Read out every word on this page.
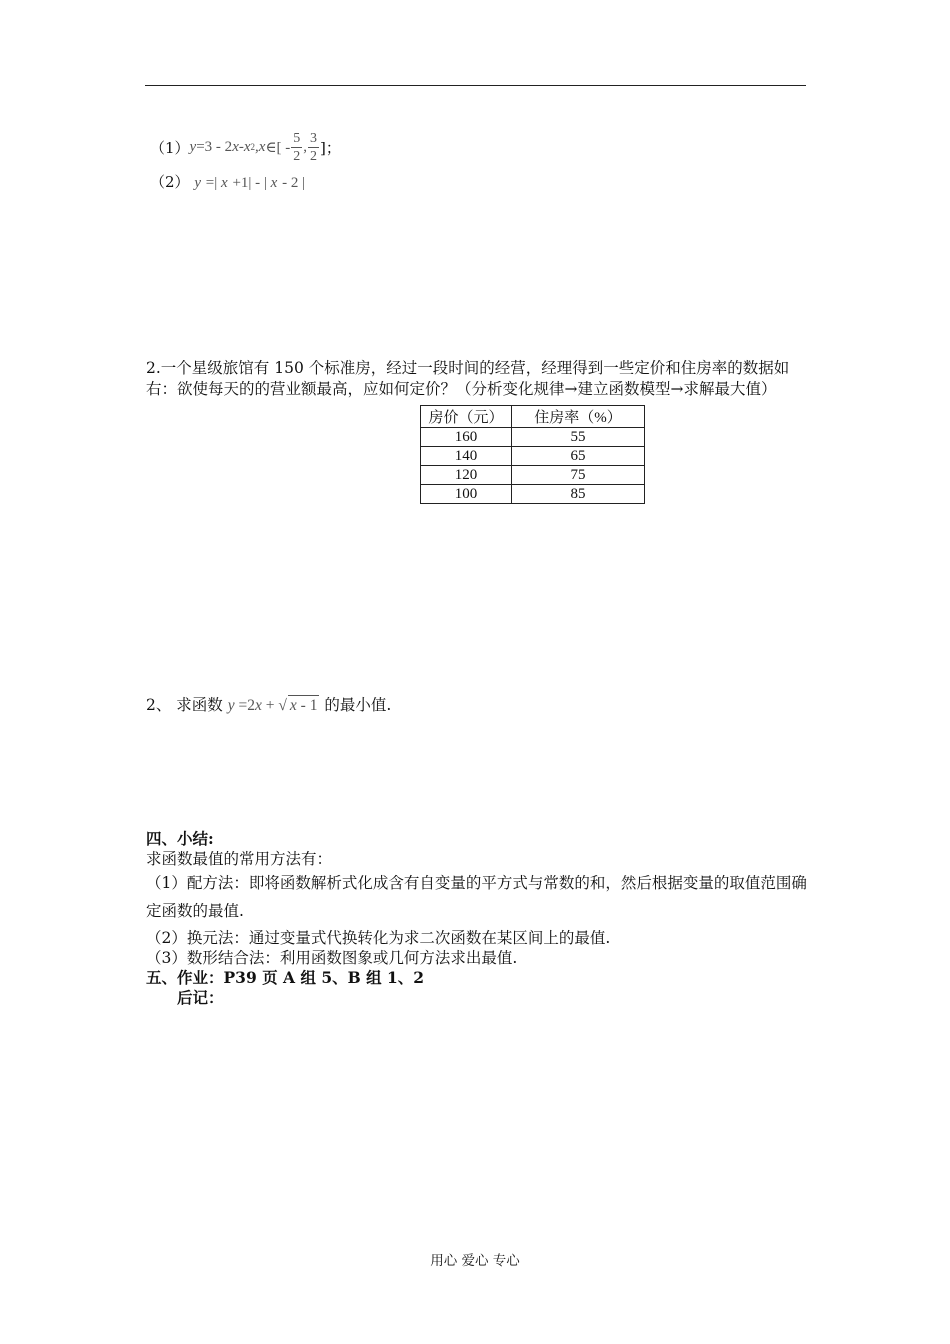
（1） y =3 - 2 x - x 2 , x ∈[ - $\frac{5}{2}$ , $\frac{3}{2}$ ]；
（2） y =| x +1| - | x - 2 |
2.一个星级旅馆有 150 个标准房，经过一段时间的经营，经理得到一些定价和住房率的数据如右：欲使每天的的营业额最高，应如何定价？（分析变化规律→建立函数模型→求解最大值）
房价（元）	住房率（%）
160	55
140	65
120	75
100	85
2、 求函数 y =2x + √ x - 1 的最小值.

四、小结:

求函数最值的常用方法有：

（1）配方法：即将函数解析式化成含有自变量的平方式与常数的和，然后根据变量的取值范围确定函数的最值.

（2）换元法：通过变量式代换转化为求二次函数在某区间上的最值.

（3）数形结合法：利用函数图象或几何方法求出最值.

五、作业：P39 页 A 组 5、B 组 1、2

后记：

用心 爱心 专心
